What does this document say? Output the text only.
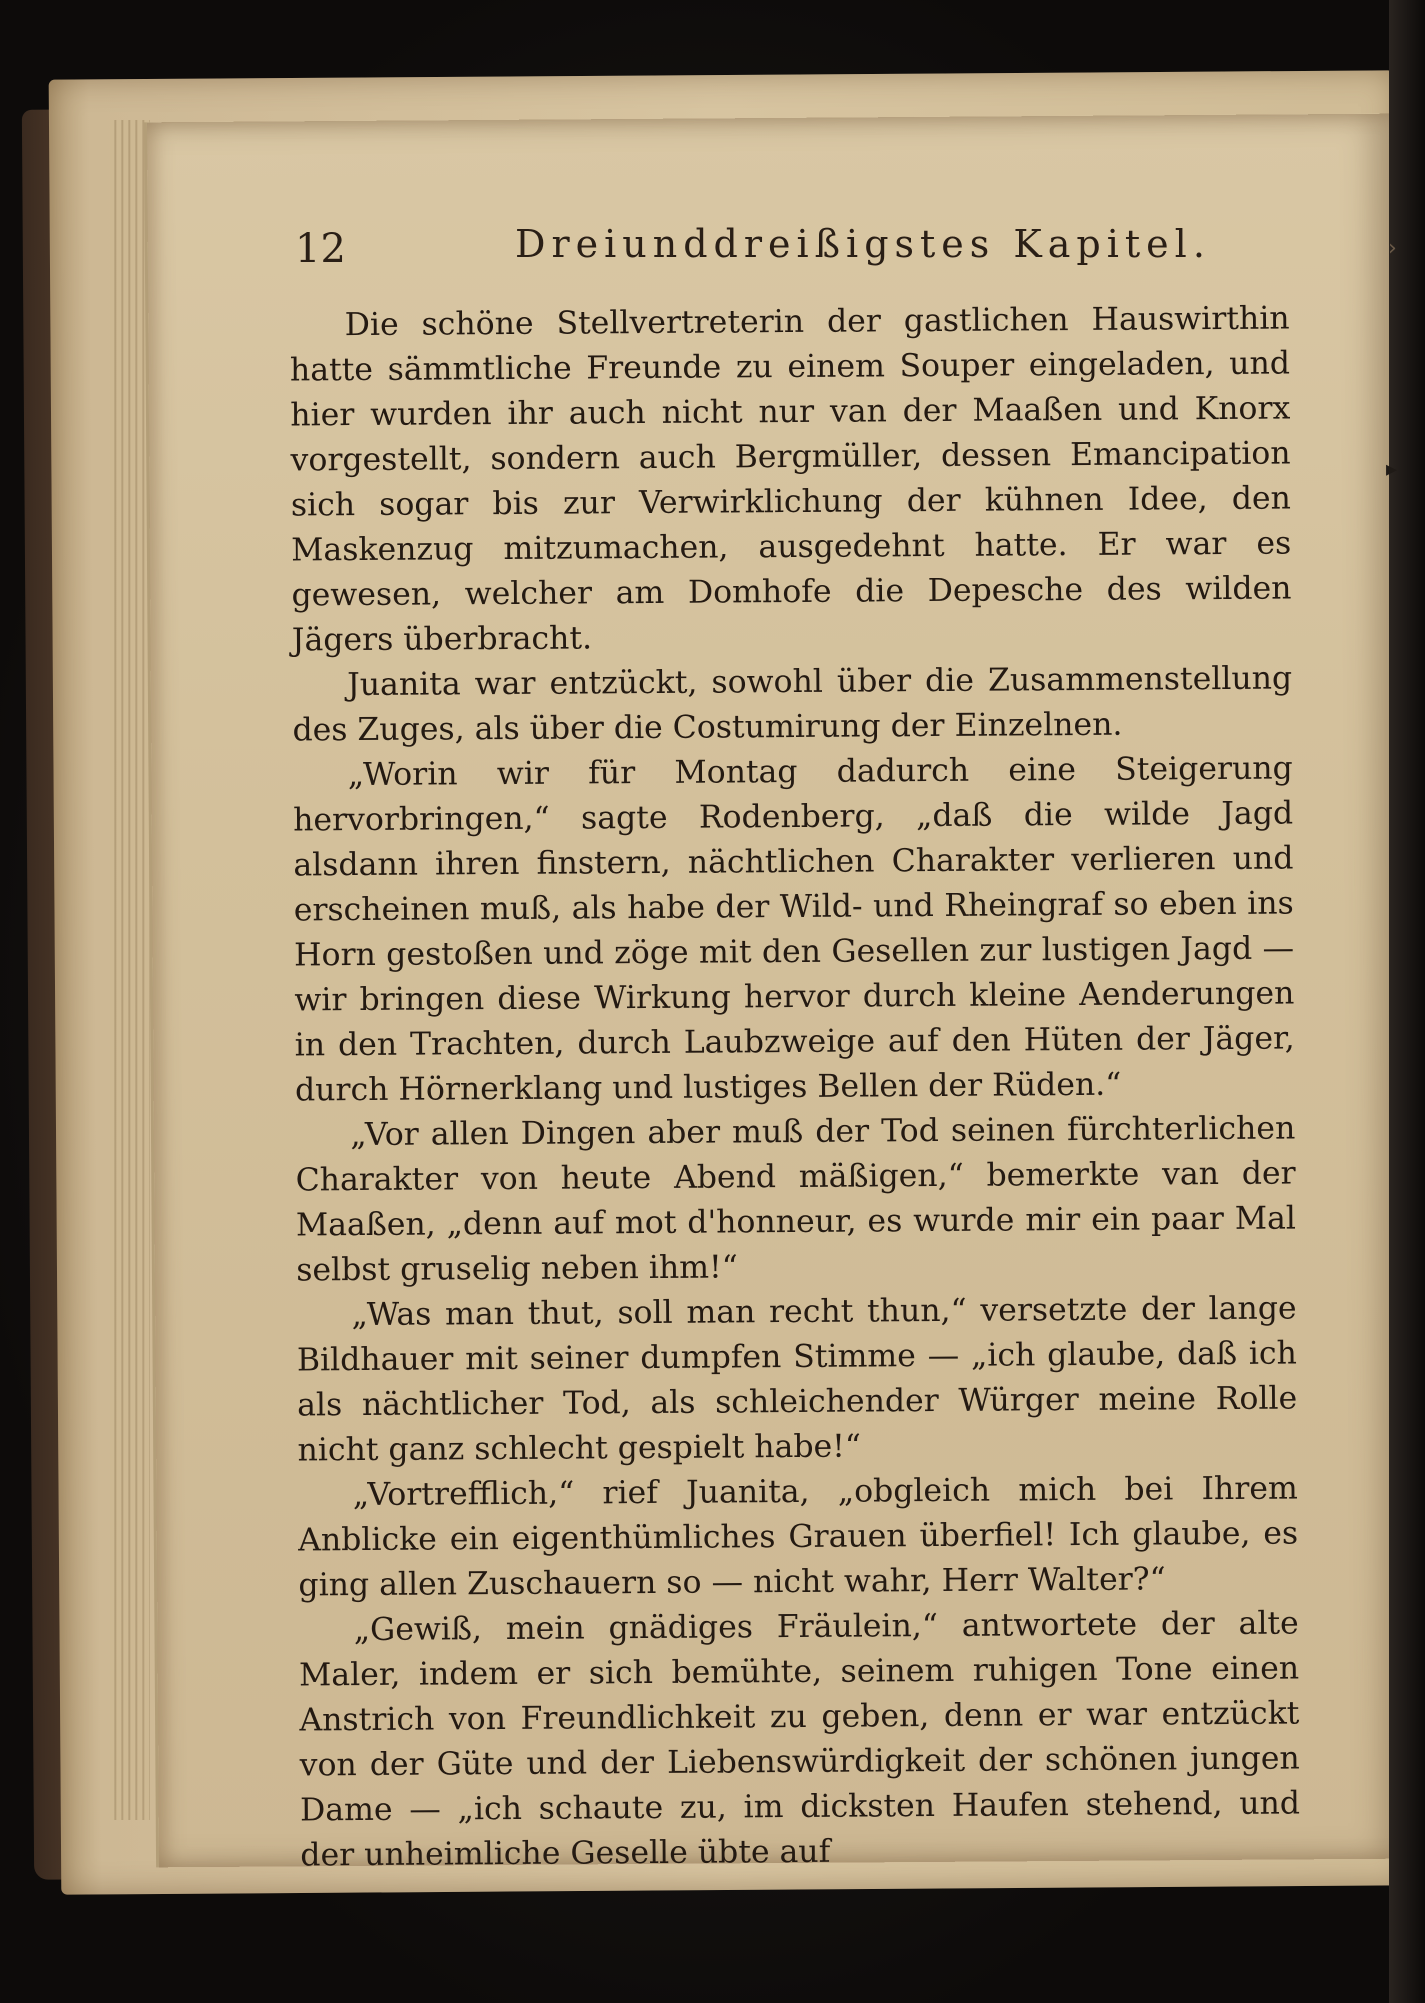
12	Dreiunddreißigstes Kapitel.	›
▸

Die schöne Stellvertreterin der gastlichen Hauswirthin hatte sämmtliche Freunde zu einem Souper eingeladen, und hier wurden ihr auch nicht nur van der Maaßen und Knorx vorgestellt, sondern auch Bergmüller, dessen Emancipation sich sogar bis zur Verwirklichung der kühnen Idee, den Maskenzug mitzumachen, ausgedehnt hatte. Er war es gewesen, welcher am Domhofe die Depesche des wilden Jägers überbracht.

Juanita war entzückt, sowohl über die Zusammenstellung des Zuges, als über die Costumirung der Einzelnen.

„Worin wir für Montag dadurch eine Steigerung hervorbringen,“ sagte Rodenberg, „daß die wilde Jagd alsdann ihren finstern, nächtlichen Charakter verlieren und erscheinen muß, als habe der Wild- und Rheingraf so eben ins Horn gestoßen und zöge mit den Gesellen zur lustigen Jagd — wir bringen diese Wirkung hervor durch kleine Aenderungen in den Trachten, durch Laubzweige auf den Hüten der Jäger, durch Hörnerklang und lustiges Bellen der Rüden.“

„Vor allen Dingen aber muß der Tod seinen fürchterlichen Charakter von heute Abend mäßigen,“ bemerkte van der Maaßen, „denn auf mot d'honneur, es wurde mir ein paar Mal selbst gruselig neben ihm!“

„Was man thut, soll man recht thun,“ versetzte der lange Bildhauer mit seiner dumpfen Stimme — „ich glaube, daß ich als nächtlicher Tod, als schleichender Würger meine Rolle nicht ganz schlecht gespielt habe!“

„Vortrefflich,“ rief Juanita, „obgleich mich bei Ihrem Anblicke ein eigenthümliches Grauen überfiel! Ich glaube, es ging allen Zuschauern so — nicht wahr, Herr Walter?“

„Gewiß, mein gnädiges Fräulein,“ antwortete der alte Maler, indem er sich bemühte, seinem ruhigen Tone einen Anstrich von Freundlichkeit zu geben, denn er war entzückt von der Güte und der Liebenswürdigkeit der schönen jungen Dame — „ich schaute zu, im dicksten Haufen stehend, und der unheimliche Geselle übte auf
